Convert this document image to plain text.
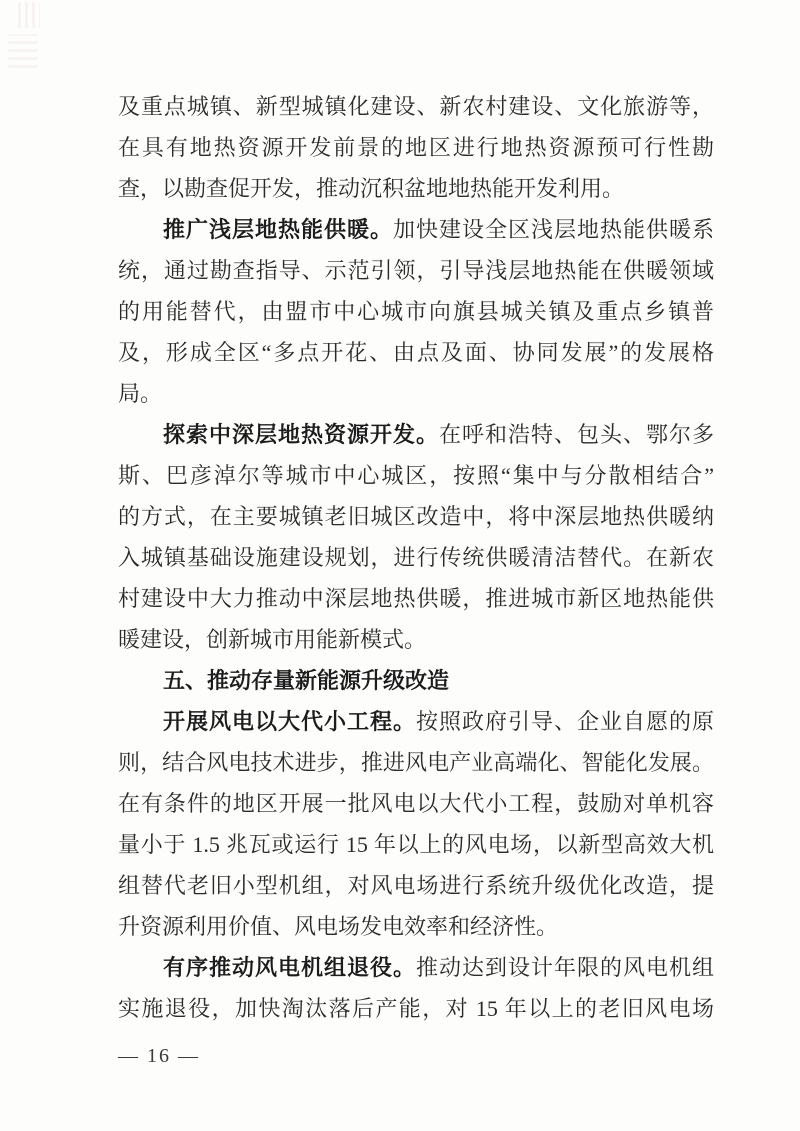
及重点城镇、新型城镇化建设、新农村建设、文化旅游等，
在具有地热资源开发前景的地区进行地热资源预可行性勘
查，以勘查促开发，推动沉积盆地地热能开发利用。
推广浅层地热能供暖。加快建设全区浅层地热能供暖系
统，通过勘查指导、示范引领，引导浅层地热能在供暖领域
的用能替代，由盟市中心城市向旗县城关镇及重点乡镇普
及，形成全区“多点开花、由点及面、协同发展”的发展格
局。
探索中深层地热资源开发。在呼和浩特、包头、鄂尔多
斯、巴彦淖尔等城市中心城区，按照“集中与分散相结合”
的方式，在主要城镇老旧城区改造中，将中深层地热供暖纳
入城镇基础设施建设规划，进行传统供暖清洁替代。在新农
村建设中大力推动中深层地热供暖，推进城市新区地热能供
暖建设，创新城市用能新模式。
五、推动存量新能源升级改造
开展风电以大代小工程。按照政府引导、企业自愿的原
则，结合风电技术进步，推进风电产业高端化、智能化发展。
在有条件的地区开展一批风电以大代小工程，鼓励对单机容
量小于 1.5 兆瓦或运行 15 年以上的风电场，以新型高效大机
组替代老旧小型机组，对风电场进行系统升级优化改造，提
升资源利用价值、风电场发电效率和经济性。
有序推动风电机组退役。推动达到设计年限的风电机组
实施退役，加快淘汰落后产能，对 15 年以上的老旧风电场
— 16 —
